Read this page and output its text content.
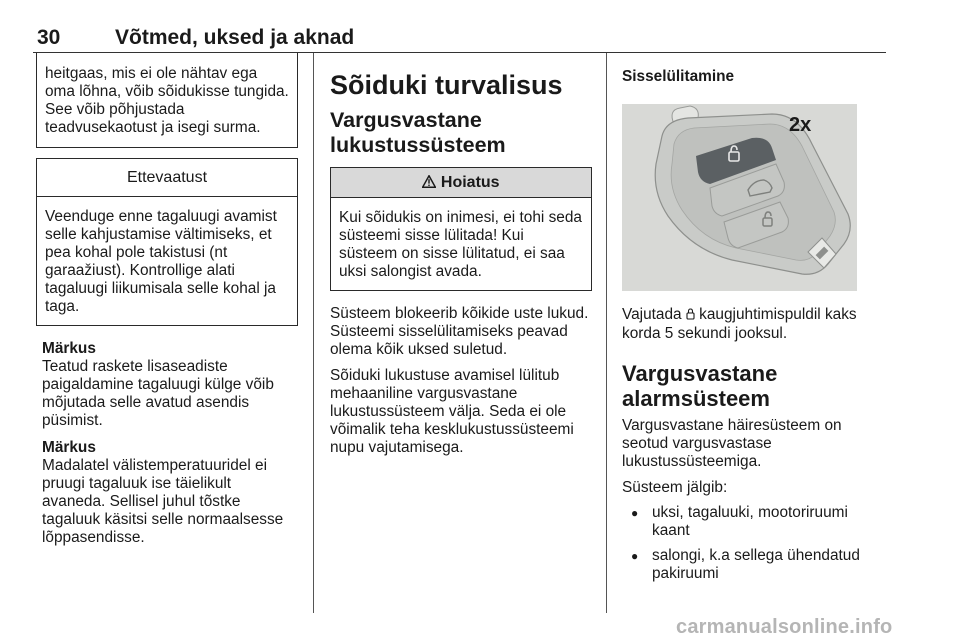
30	Võtmed, uksed ja aknad

heitgaas, mis ei ole nähtav ega oma lõhna, võib sõidukisse tungida. See võib põhjustada teadvusekaotust ja isegi surma.

Ettevaatust

Veenduge enne tagaluugi avamist selle kahjustamise vältimiseks, et pea kohal pole takistusi (nt garaažiust). Kontrollige alati tagaluugi liikumisala selle kohal ja taga.

Märkus

Teatud raskete lisaseadiste paigaldamine tagaluugi külge võib mõjutada selle avatud asendis püsimist.

Märkus

Madalatel välistemperatuuridel ei pruugi tagaluuk ise täielikult avaneda. Sellisel juhul tõstke tagaluuk käsitsi selle normaalsesse lõppasendisse.

Sõiduki turvalisus
Vargusvastane lukustussüsteem
Hoiatus

Kui sõidukis on inimesi, ei tohi seda süsteemi sisse lülitada! Kui süsteem on sisse lülitatud, ei saa uksi salongist avada.

Süsteem blokeerib kõikide uste lukud. Süsteemi sisselülitamiseks peavad olema kõik uksed suletud.

Sõiduki lukustuse avamisel lülitub mehaaniline vargusvastane lukustussüsteem välja. Seda ei ole võimalik teha kesklukustussüsteemi nupu vajutamisega.

Sisselülitamine
2x

Vajutada  kaugjuhtimispuldil kaks korda 5 sekundi jooksul.

Vargusvastane alarmsüsteem

Vargusvastane häiresüsteem on seotud vargusvastase lukustussüsteemiga.

Süsteem jälgib:

● uksi, tagaluuki, mootoriruumi kaant

● salongi, k.a sellega ühendatud pakiruumi

carmanualsonline.info
